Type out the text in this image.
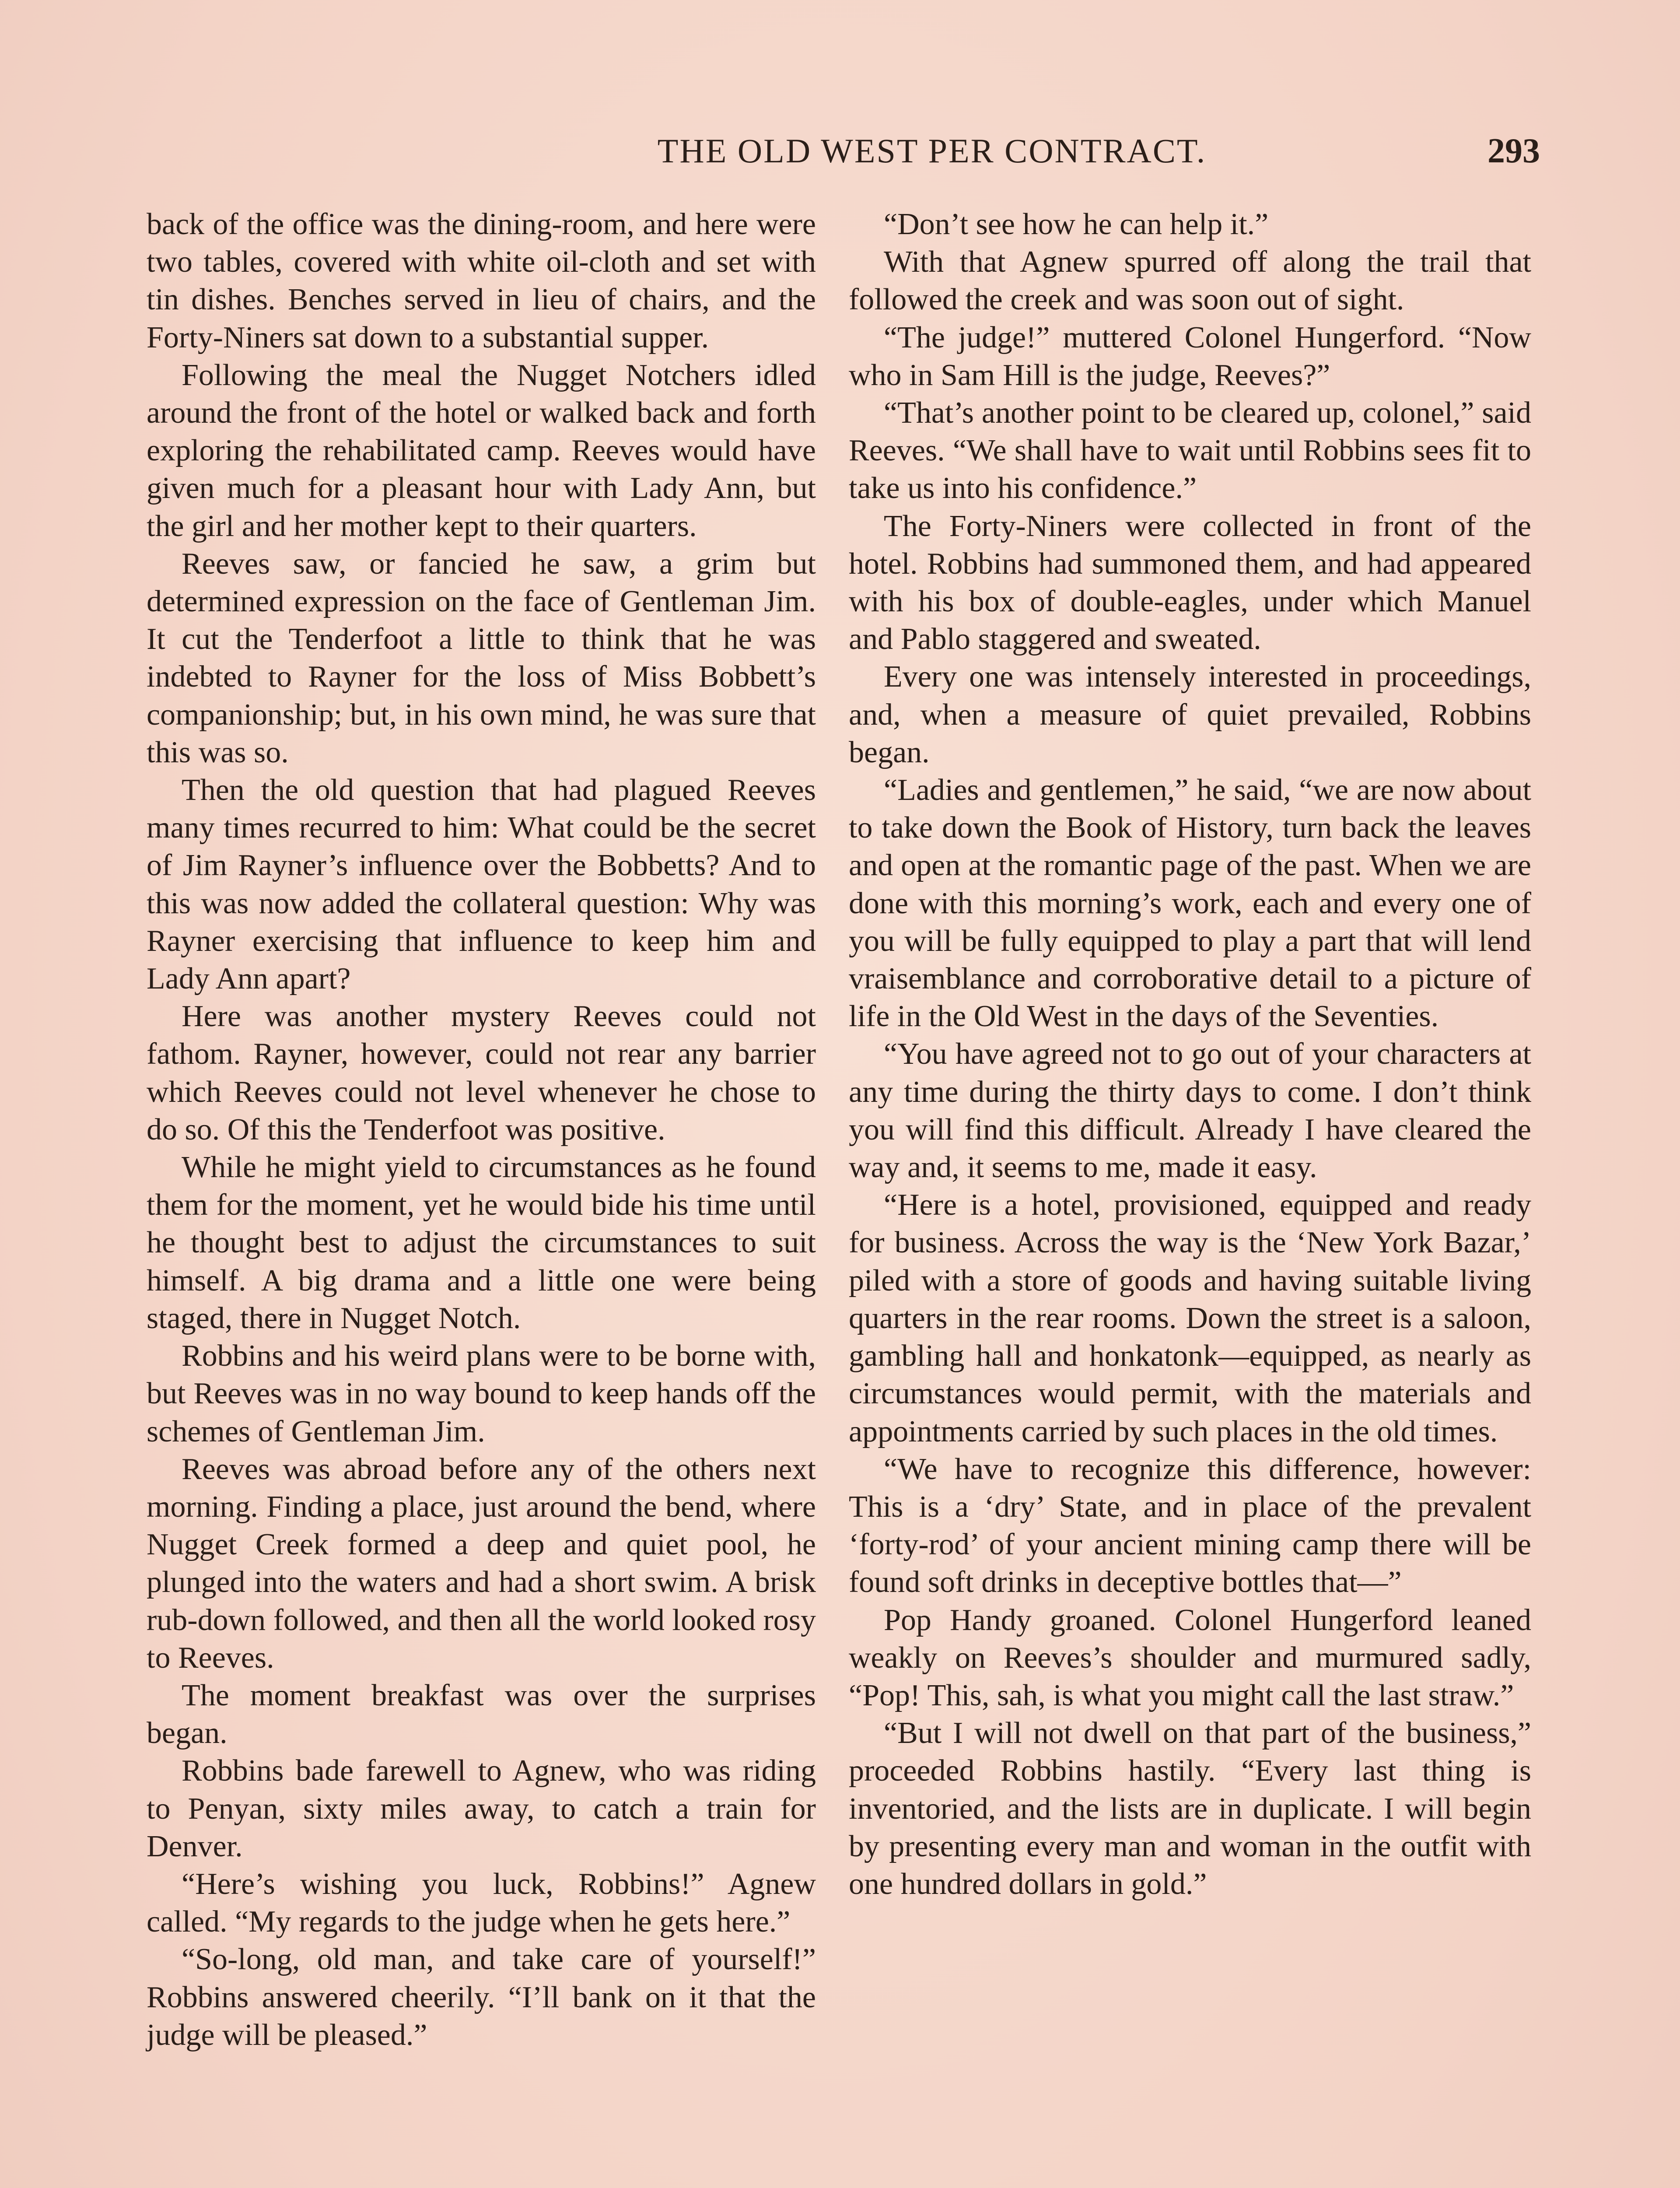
THE OLD WEST PER CONTRACT.	293

back of the office was the dining-room, and here were two tables, covered with white oil-cloth and set with tin dishes. Benches served in lieu of chairs, and the Forty-Niners sat down to a substantial supper.

Following the meal the Nugget Notchers idled around the front of the hotel or walked back and forth exploring the rehabilitated camp. Reeves would have given much for a pleasant hour with Lady Ann, but the girl and her mother kept to their quarters.

Reeves saw, or fancied he saw, a grim but determined expression on the face of Gentleman Jim. It cut the Tenderfoot a little to think that he was indebted to Rayner for the loss of Miss Bobbett’s companionship; but, in his own mind, he was sure that this was so.

Then the old question that had plagued Reeves many times recurred to him: What could be the secret of Jim Rayner’s influence over the Bobbetts? And to this was now added the collateral question: Why was Rayner exercising that influence to keep him and Lady Ann apart?

Here was another mystery Reeves could not fathom. Rayner, however, could not rear any barrier which Reeves could not level whenever he chose to do so. Of this the Tenderfoot was positive.

While he might yield to circumstances as he found them for the moment, yet he would bide his time until he thought best to adjust the circumstances to suit himself. A big drama and a little one were being staged, there in Nugget Notch.

Robbins and his weird plans were to be borne with, but Reeves was in no way bound to keep hands off the schemes of Gentleman Jim.

Reeves was abroad before any of the others next morning. Finding a place, just around the bend, where Nugget Creek formed a deep and quiet pool, he plunged into the waters and had a short swim. A brisk rub-down followed, and then all the world looked rosy to Reeves.

The moment breakfast was over the surprises began.

Robbins bade farewell to Agnew, who was riding to Penyan, sixty miles away, to catch a train for Denver.

“Here’s wishing you luck, Robbins!” Agnew called. “My regards to the judge when he gets here.”

“So-long, old man, and take care of yourself!” Robbins answered cheerily. “I’ll bank on it that the judge will be pleased.”

“Don’t see how he can help it.”

With that Agnew spurred off along the trail that followed the creek and was soon out of sight.

“The judge!” muttered Colonel Hungerford. “Now who in Sam Hill is the judge, Reeves?”

“That’s another point to be cleared up, colonel,” said Reeves. “We shall have to wait until Robbins sees fit to take us into his confidence.”

The Forty-Niners were collected in front of the hotel. Robbins had summoned them, and had appeared with his box of double-eagles, under which Manuel and Pablo staggered and sweated.

Every one was intensely interested in proceedings, and, when a measure of quiet prevailed, Robbins began.

“Ladies and gentlemen,” he said, “we are now about to take down the Book of History, turn back the leaves and open at the romantic page of the past. When we are done with this morning’s work, each and every one of you will be fully equipped to play a part that will lend vraisemblance and corroborative detail to a picture of life in the Old West in the days of the Seventies.

“You have agreed not to go out of your characters at any time during the thirty days to come. I don’t think you will find this difficult. Already I have cleared the way and, it seems to me, made it easy.

“Here is a hotel, provisioned, equipped and ready for business. Across the way is the ‘New York Bazar,’ piled with a store of goods and having suitable living quarters in the rear rooms. Down the street is a saloon, gambling hall and honkatonk—equipped, as nearly as circumstances would permit, with the materials and appointments carried by such places in the old times.

“We have to recognize this difference, however: This is a ‘dry’ State, and in place of the prevalent ‘forty-rod’ of your ancient mining camp there will be found soft drinks in deceptive bottles that—”

Pop Handy groaned. Colonel Hungerford leaned weakly on Reeves’s shoulder and murmured sadly, “Pop! This, sah, is what you might call the last straw.”

“But I will not dwell on that part of the business,” proceeded Robbins hastily. “Every last thing is inventoried, and the lists are in duplicate. I will begin by presenting every man and woman in the outfit with one hundred dollars in gold.”
